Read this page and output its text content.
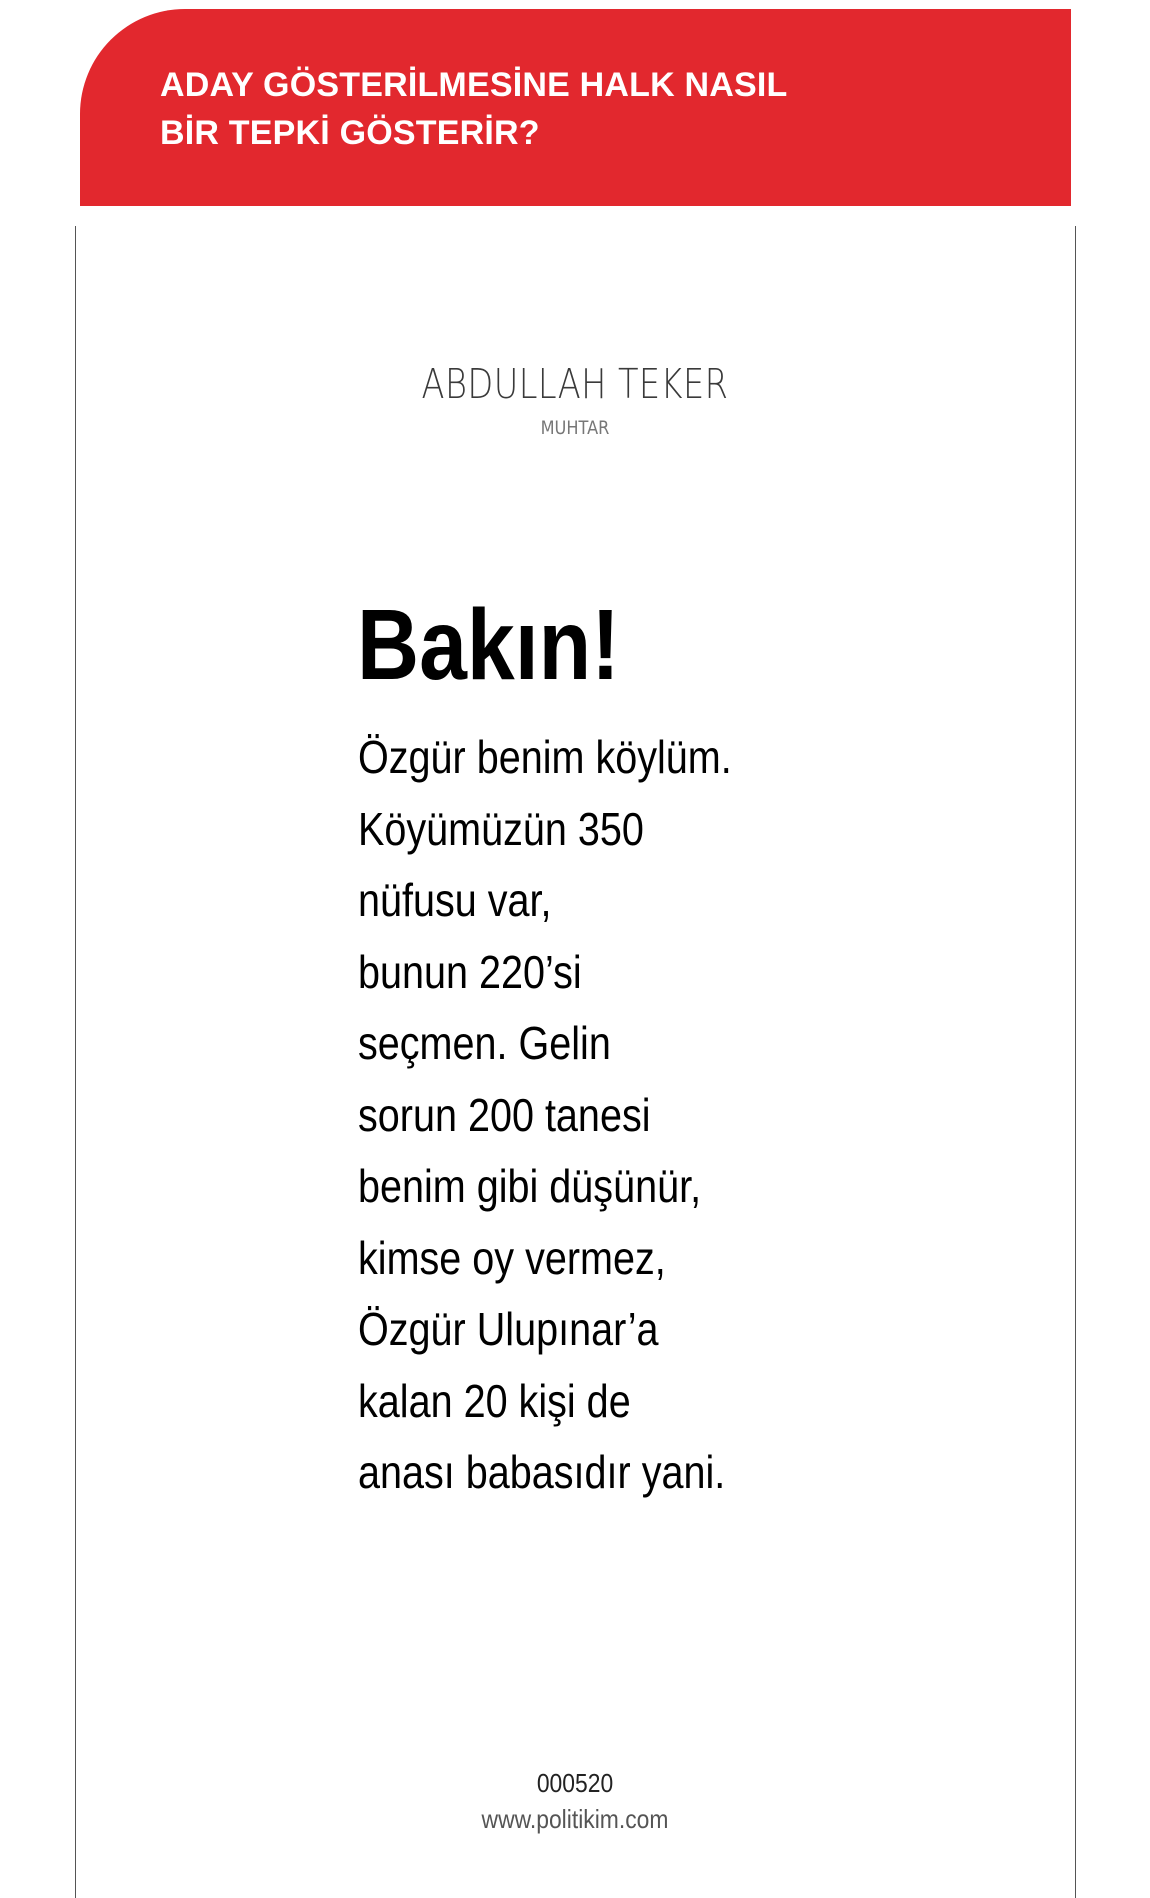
ADAY GÖSTERİLMESİNE HALK NASIL
BİR TEPKİ GÖSTERİR?
ABDULLAH TEKER
MUHTAR
Bakın!
Özgür benim köylüm.
Köyümüzün 350
nüfusu var,
bunun 220’si
seçmen. Gelin
sorun 200 tanesi
benim gibi düşünür,
kimse oy vermez,
Özgür Ulupınar’a
kalan 20 kişi de
anası babasıdır yani.
000520
www.politikim.com
